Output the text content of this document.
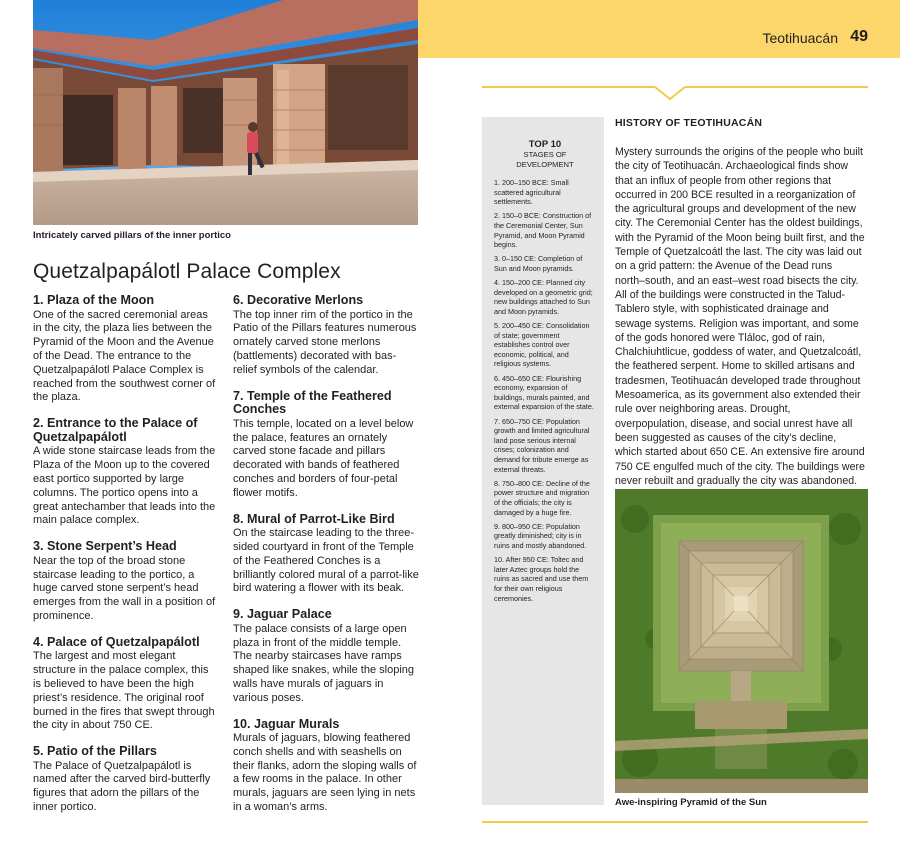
Teotihuacán 49
Intricately carved pillars of the inner portico
Quetzalpapálotl Palace Complex
1. Plaza of the Moon
One of the sacred ceremonial areas in the city, the plaza lies between the Pyramid of the Moon and the Avenue of the Dead. The entrance to the Quetzalpapálotl Palace Complex is reached from the southwest corner of the plaza.
2. Entrance to the Palace of Quetzalpapálotl
A wide stone staircase leads from the Plaza of the Moon up to the covered east portico supported by large columns. The portico opens into a great antechamber that leads into the main palace complex.
3. Stone Serpent’s Head
Near the top of the broad stone staircase leading to the portico, a huge carved stone serpent’s head emerges from the wall in a position of prominence.
4. Palace of Quetzalpapálotl
The largest and most elegant structure in the palace complex, this is believed to have been the high priest’s residence. The original roof burned in the fires that swept through the city in about 750 CE.
5. Patio of the Pillars
The Palace of Quetzalpapálotl is named after the carved bird-butterfly figures that adorn the pillars of the inner portico.
6. Decorative Merlons
The top inner rim of the portico in the Patio of the Pillars features numerous ornately carved stone merlons (battlements) decorated with bas-relief symbols of the calendar.
7. Temple of the Feathered Conches
This temple, located on a level below the palace, features an ornately carved stone facade and pillars decorated with bands of feathered conches and borders of four-petal flower motifs.
8. Mural of Parrot-Like Bird
On the staircase leading to the three-sided courtyard in front of the Temple of the Feathered Conches is a brilliantly colored mural of a parrot-like bird watering a flower with its beak.
9. Jaguar Palace
The palace consists of a large open plaza in front of the middle temple. The nearby staircases have ramps shaped like snakes, while the sloping walls have murals of jaguars in various poses.
10. Jaguar Murals
Murals of jaguars, blowing feathered conch shells and with seashells on their flanks, adorn the sloping walls of a few rooms in the palace. In other murals, jaguars are seen lying in nets in a woman’s arms.
TOP 10
STAGES OF DEVELOPMENT
1. 200–150 BCE: Small scattered agricultural settlements.
2. 150–0 BCE: Construction of the Ceremonial Center, Sun Pyramid, and Moon Pyramid begins.
3. 0–150 CE: Completion of Sun and Moon pyramids.
4. 150–200 CE: Planned city developed on a geometric grid; new buildings attached to Sun and Moon pyramids.
5. 200–450 CE: Consolidation of state; government establishes control over economic, political, and religious systems.
6. 450–650 CE: Flourishing economy, expansion of buildings, murals painted, and external expansion of the state.
7. 650–750 CE: Population growth and limited agricultural land pose serious internal crises; colonization and demand for tribute emerge as external threats.
8. 750–800 CE: Decline of the power structure and migration of the officials; the city is damaged by a huge fire.
9. 800–950 CE: Population greatly diminished; city is in ruins and mostly abandoned.
10. After 950 CE: Toltec and later Aztec groups hold the ruins as sacred and use them for their own religious ceremonies.
HISTORY OF TEOTIHUACÁN
Mystery surrounds the origins of the people who built the city of Teotihuacán. Archaeological finds show that an influx of people from other regions that occurred in 200 BCE resulted in a reorganization of the agricultural groups and development of the new city. The Ceremonial Center has the oldest buildings, with the Pyramid of the Moon being built first, and the Temple of Quetzalcoátl the last. The city was laid out on a grid pattern: the Avenue of the Dead runs north–south, and an east–west road bisects the city. All of the buildings were constructed in the Talud-Tablero style, with sophisticated drainage and sewage systems. Religion was important, and some of the gods honored were Tláloc, god of rain, Chalchiuhtlicue, goddess of water, and Quetzalcoátl, the feathered serpent. Home to skilled artisans and tradesmen, Teotihuacán developed trade throughout Mesoamerica, as its government also extended their rule over neighboring areas. Drought, overpopulation, disease, and social unrest have all been suggested as causes of the city’s decline, which started about 650 CE. An extensive fire around 750 CE engulfed much of the city. The buildings were never rebuilt and gradually the city was abandoned.
Awe-inspiring Pyramid of the Sun
